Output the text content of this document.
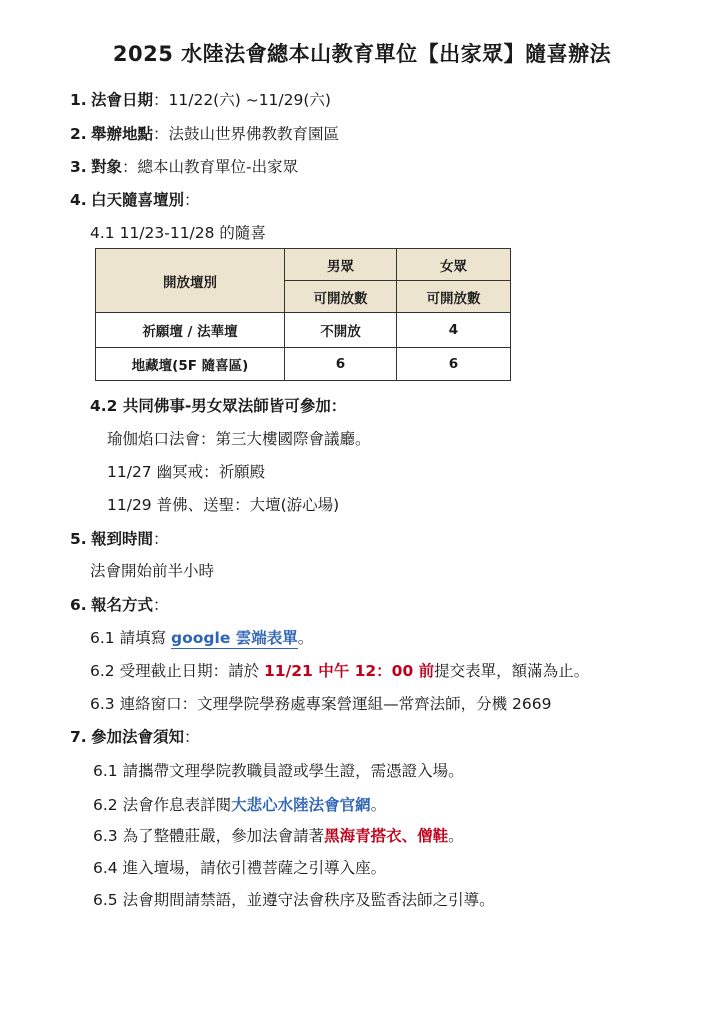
2025 水陸法會總本山教育單位【出家眾】隨喜辦法
1. 法會日期：11/22(六) ~11/29(六)
2. 舉辦地點：法鼓山世界佛教教育園區
3. 對象：總本山教育單位-出家眾
4. 白天隨喜壇別：
4.1 11/23-11/28 的隨喜
開放壇別	男眾	女眾
	可開放數	可開放數
祈願壇 / 法華壇	不開放	4
地藏壇(5F 隨喜區)	6	6
4.2 共同佛事-男女眾法師皆可參加：
瑜伽焰口法會：第三大樓國際會議廳。
11/27 幽冥戒：祈願殿
11/29 普佛、送聖：大壇(游心場)
5. 報到時間：
法會開始前半小時
6. 報名方式：
6.1 請填寫 google 雲端表單。
6.2 受理截止日期：請於 11/21 中午 12：00 前提交表單，額滿為止。
6.3 連絡窗口：文理學院學務處專案營運組—常齊法師，分機 2669
7. 參加法會須知：
6.1 請攜帶文理學院教職員證或學生證，需憑證入場。
6.2 法會作息表詳閱大悲心水陸法會官網。
6.3 為了整體莊嚴，參加法會請著黑海青搭衣、僧鞋。
6.4 進入壇場，請依引禮菩薩之引導入座。
6.5 法會期間請禁語，並遵守法會秩序及監香法師之引導。
